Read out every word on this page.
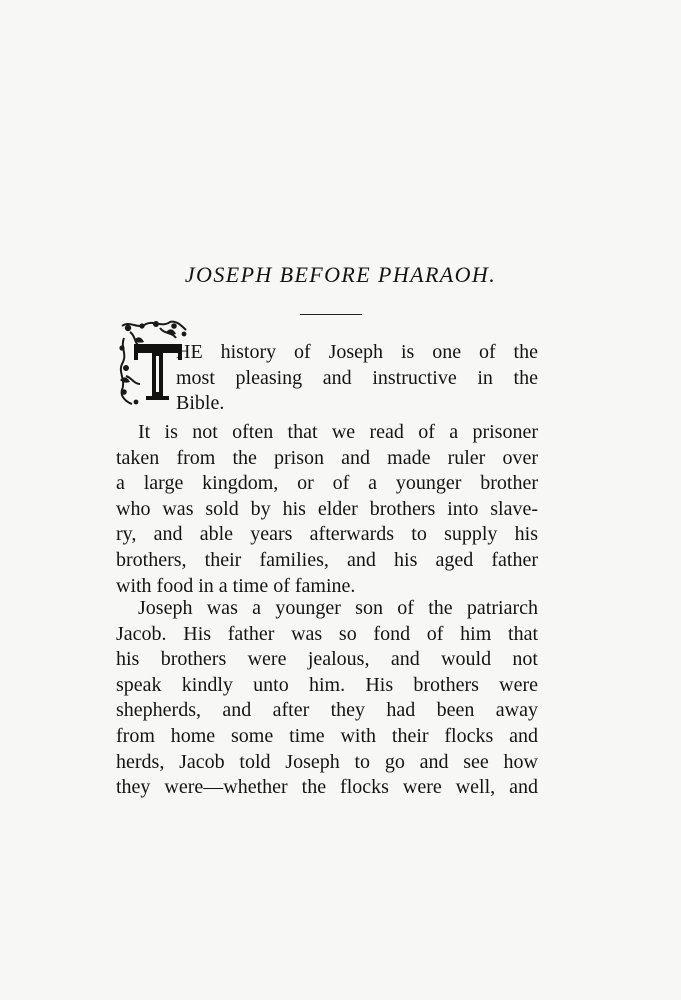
JOSEPH BEFORE PHARAOH.
HE history of Joseph is one of the
most pleasing and instructive in the
Bible.
It is not often that we read of a prisoner
taken from the prison and made ruler over
a large kingdom, or of a younger brother
who was sold by his elder brothers into slave-
ry, and able years afterwards to supply his
brothers, their families, and his aged father
with food in a time of famine.
Joseph was a younger son of the patriarch
Jacob. His father was so fond of him that
his brothers were jealous, and would not
speak kindly unto him. His brothers were
shepherds, and after they had been away
from home some time with their flocks and
herds, Jacob told Joseph to go and see how
they were—whether the flocks were well, and
